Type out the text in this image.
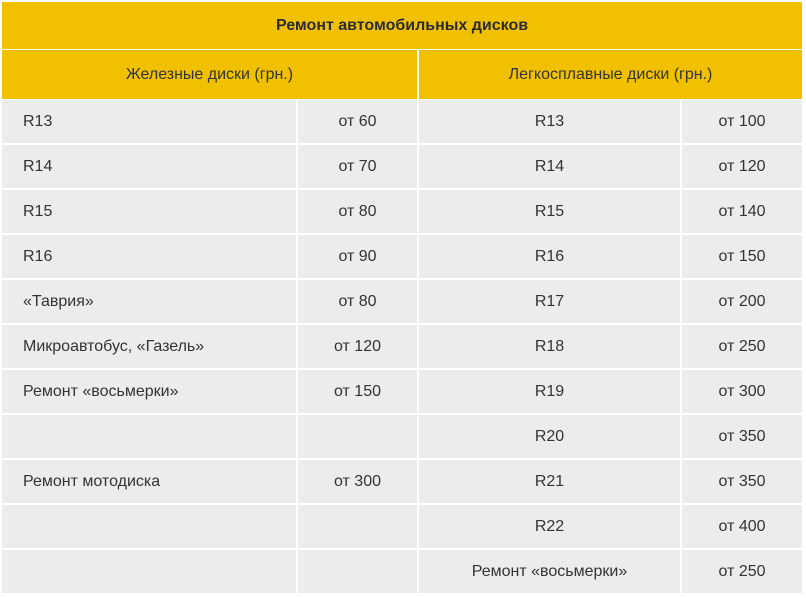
Ремонт автомобильных дисков			
Железные диски (грн.)		Легкосплавные диски (грн.)	
R13	от 60	R13	от 100
R14	от 70	R14	от 120
R15	от 80	R15	от 140
R16	от 90	R16	от 150
«Таврия»	от 80	R17	от 200
Микроавтобус, «Газель»	от 120	R18	от 250
Ремонт «восьмерки»	от 150	R19	от 300
		R20	от 350
Ремонт мотодиска	от 300	R21	от 350
		R22	от 400
		Ремонт «восьмерки»	от 250
